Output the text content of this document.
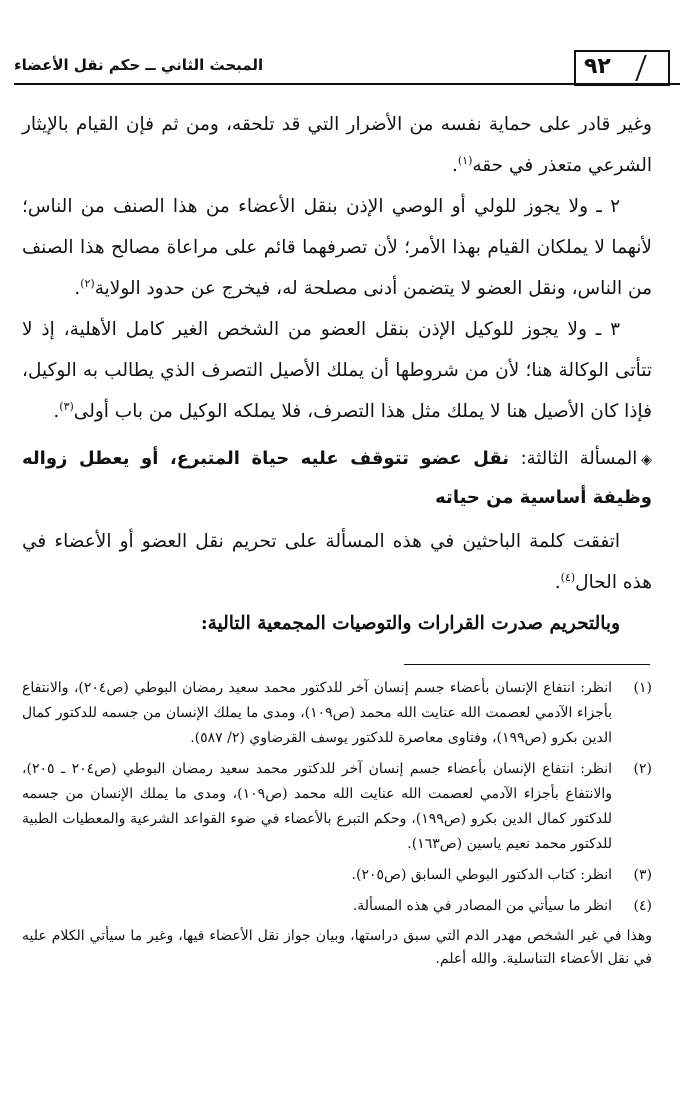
المبحث الثاني ــ حكم نقل الأعضاء	٩٢

وغير قادر على حماية نفسه من الأضرار التي قد تلحقه، ومن ثم فإن القيام بالإيثار الشرعي متعذر في حقه$^{(١)}$.

٢ ـ ولا يجوز للولي أو الوصي الإذن بنقل الأعضاء من هذا الصنف من الناس؛ لأنهما لا يملكان القيام بهذا الأمر؛ لأن تصرفهما قائم على مراعاة مصالح هذا الصنف من الناس، ونقل العضو لا يتضمن أدنى مصلحة له، فيخرج عن حدود الولاية$^{(٢)}$.

٣ ـ ولا يجوز للوكيل الإذن بنقل العضو من الشخص الغير كامل الأهلية، إذ لا تتأتى الوكالة هنا؛ لأن من شروطها أن يملك الأصيل التصرف الذي يطالب به الوكيل، فإذا كان الأصيل هنا لا يملك مثل هذا التصرف، فلا يملكه الوكيل من باب أولى$^{(٣)}$.

◈المسألة الثالثة: نقل عضو تتوقف عليه حياة المتبرع، أو يعطل زواله وظيفة أساسية من حياته

اتفقت كلمة الباحثين في هذه المسألة على تحريم نقل العضو أو الأعضاء في هذه الحال$^{(٤)}$.

وبالتحريم صدرت القرارات والتوصيات المجمعية التالية:

(١)
انظر: انتفاع الإنسان بأعضاء جسم إنسان آخر للدكتور محمد سعيد رمضان البوطي (ص٢٠٤)، والانتفاع بأجزاء الآدمي لعصمت الله عنايت الله محمد (ص١٠٩)، ومدى ما يملك الإنسان من جسمه للدكتور كمال الدين بكرو (ص١٩٩)، وفتاوى معاصرة للدكتور يوسف القرضاوي (٢/ ٥٨٧).
(٢)
انظر: انتفاع الإنسان بأعضاء جسم إنسان آخر للدكتور محمد سعيد رمضان البوطي (ص٢٠٤ ـ ٢٠٥)، والانتفاع بأجزاء الآدمي لعصمت الله عنايت الله محمد (ص١٠٩)، ومدى ما يملك الإنسان من جسمه للدكتور كمال الدين بكرو (ص١٩٩)، وحكم التبرع بالأعضاء في ضوء القواعد الشرعية والمعطيات الطبية للدكتور محمد نعيم ياسين (ص١٦٣).
(٣)
انظر: كتاب الدكتور البوطي السابق (ص٢٠٥).
(٤)
انظر ما سيأتي من المصادر في هذه المسألة.
وهذا في غير الشخص مهدر الدم التي سبق دراستها، وبيان جواز نقل الأعضاء فيها، وغير ما سيأتي الكلام عليه في نقل الأعضاء التناسلية. والله أعلم.
